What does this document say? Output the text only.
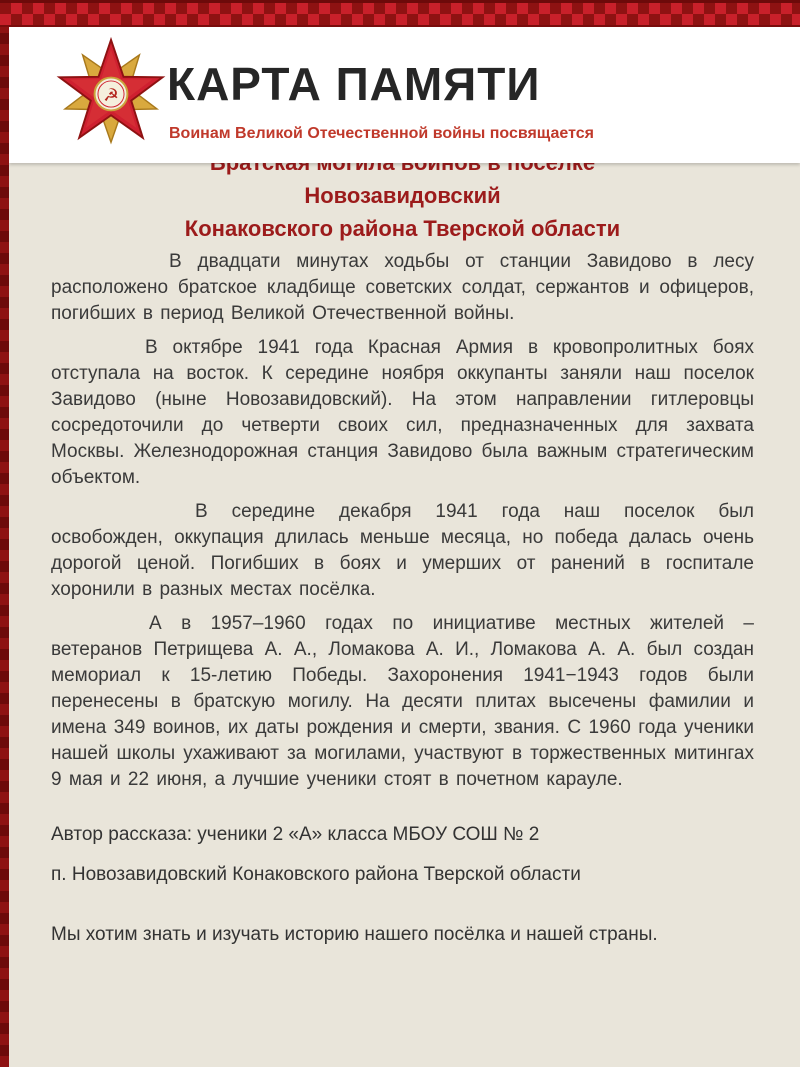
☭ КАРТА ПАМЯТИ
Воинам Великой Отечественной войны посвящается
Новозавидовский
Конаковского района Тверской области

В двадцати минутах ходьбы от станции Завидово в лесу расположено братское кладбище советских солдат, сержантов и офицеров, погибших в период Великой Отечественной войны.

В октябре 1941 года Красная Армия в кровопролитных боях отступала на восток. К середине ноября оккупанты заняли наш поселок Завидово (ныне Новозавидовский). На этом направлении гитлеровцы сосредоточили до четверти своих сил, предназначенных для захвата Москвы. Железнодорожная станция Завидово была важным стратегическим объектом.

В середине декабря 1941 года наш поселок был освобожден, оккупация длилась меньше месяца, но победа далась очень дорогой ценой. Погибших в боях и умерших от ранений в госпитале хоронили в разных местах посёлка.

А в 1957–1960 годах по инициативе местных жителей – ветеранов Петрищева А. А., Ломакова А. И., Ломакова А. А. был создан мемориал к 15-летию Победы. Захоронения 1941−1943 годов были перенесены в братскую могилу. На десяти плитах высечены фамилии и имена 349 воинов, их даты рождения и смерти, звания. С 1960 года ученики нашей школы ухаживают за могилами, участвуют в торжественных митингах 9 мая и 22 июня, а лучшие ученики стоят в почетном карауле.

Автор рассказа: ученики 2 «А» класса МБОУ СОШ № 2

п. Новозавидовский Конаковского района Тверской области

Мы хотим знать и изучать историю нашего посёлка и нашей страны.
